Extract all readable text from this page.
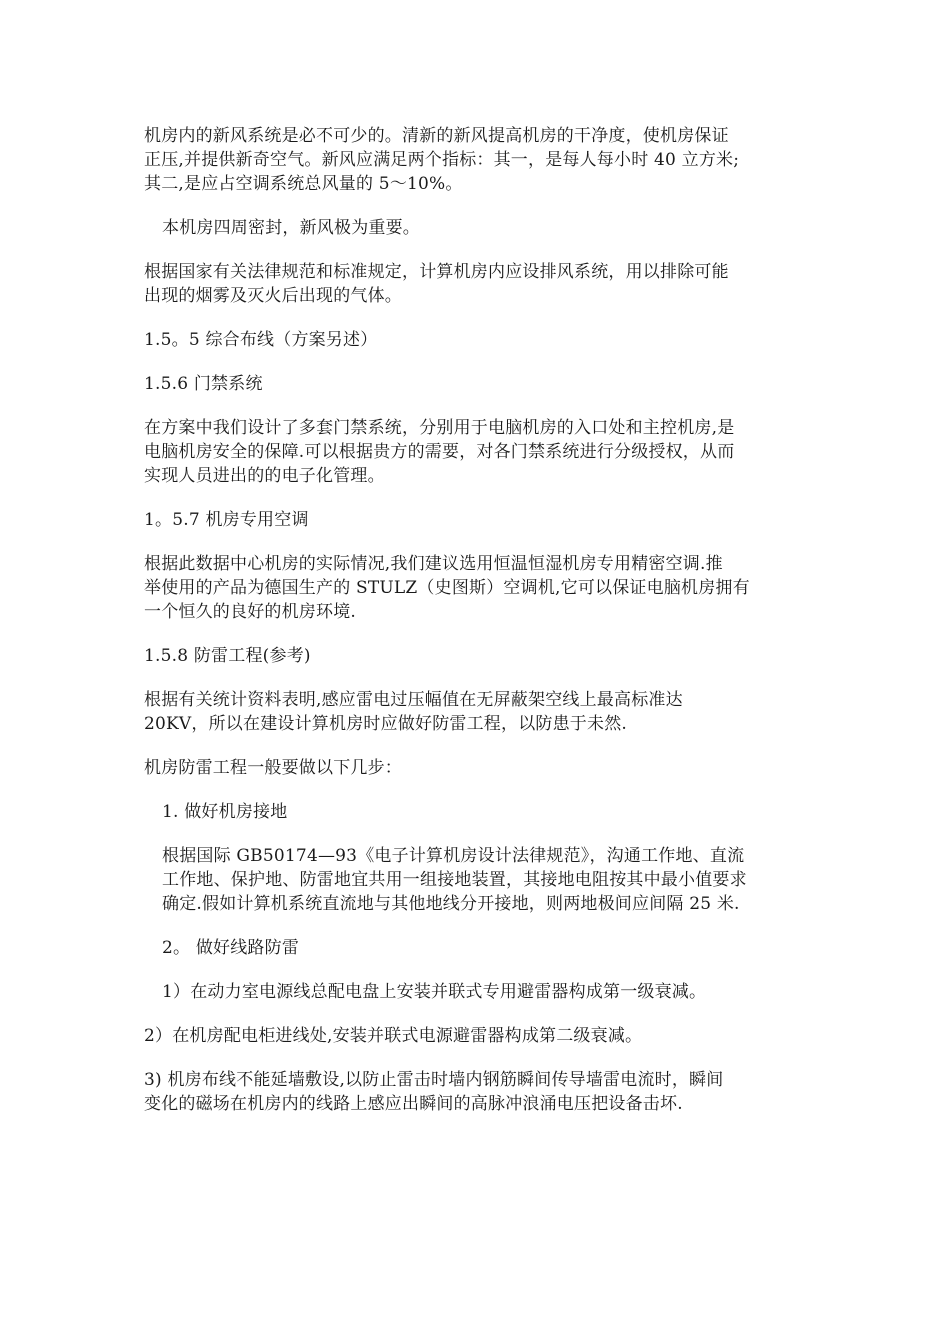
机房内的新风系统是必不可少的。清新的新风提高机房的干净度，使机房保证
正压,并提供新奇空气。新风应满足两个指标：其一，是每人每小时 40 立方米;
其二,是应占空调系统总风量的 5～10%。

本机房四周密封，新风极为重要。

根据国家有关法律规范和标准规定，计算机房内应设排风系统，用以排除可能
出现的烟雾及灭火后出现的气体。

1.5。5 综合布线（方案另述）

1.5.6 门禁系统

在方案中我们设计了多套门禁系统，分别用于电脑机房的入口处和主控机房,是
电脑机房安全的保障.可以根据贵方的需要，对各门禁系统进行分级授权，从而
实现人员进出的的电子化管理。

1。5.7 机房专用空调

根据此数据中心机房的实际情况,我们建议选用恒温恒湿机房专用精密空调.推
举使用的产品为德国生产的 STULZ（史图斯）空调机,它可以保证电脑机房拥有
一个恒久的良好的机房环境.

1.5.8 防雷工程(参考)

根据有关统计资料表明,感应雷电过压幅值在无屏蔽架空线上最高标准达
20KV，所以在建设计算机房时应做好防雷工程，以防患于未然.

机房防雷工程一般要做以下几步：

1. 做好机房接地

根据国际 GB50174—93《电子计算机房设计法律规范》，沟通工作地、直流
工作地、保护地、防雷地宜共用一组接地装置，其接地电阻按其中最小值要求
确定.假如计算机系统直流地与其他地线分开接地，则两地极间应间隔 25 米.

2。 做好线路防雷

1）在动力室电源线总配电盘上安装并联式专用避雷器构成第一级衰减。

2）在机房配电柜进线处,安装并联式电源避雷器构成第二级衰减。

3) 机房布线不能延墙敷设,以防止雷击时墙内钢筋瞬间传导墙雷电流时，瞬间
变化的磁场在机房内的线路上感应出瞬间的高脉冲浪涌电压把设备击坏.
